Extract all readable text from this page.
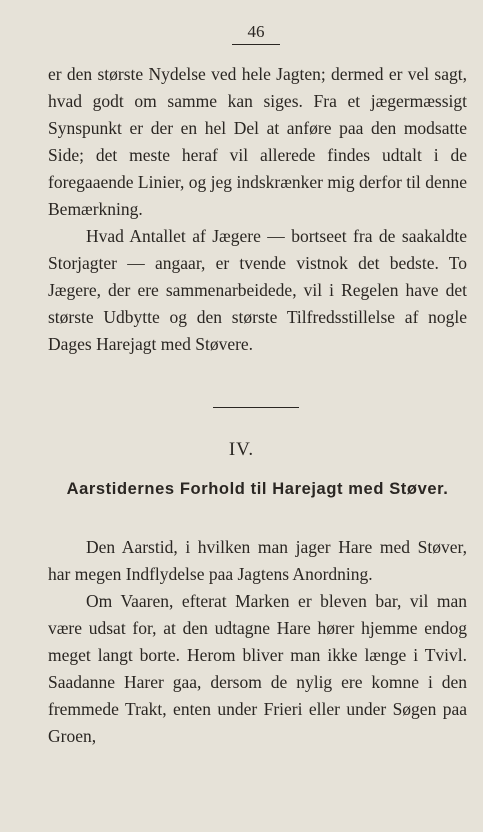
46

er den største Nydelse ved hele Jagten; dermed er vel sagt, hvad godt om samme kan siges. Fra et jægermæssigt Synspunkt er der en hel Del at anføre paa den modsatte Side; det meste heraf vil allerede findes udtalt i de foregaaende Linier, og jeg indskrænker mig derfor til denne Bemærkning.

Hvad Antallet af Jægere — bortseet fra de saakaldte Storjagter — angaar, er tvende vistnok det bedste. To Jægere, der ere sammenarbeidede, vil i Regelen have det største Udbytte og den største Tilfredsstillelse af nogle Dages Harejagt med Støvere.

IV.
Aarstidernes Forhold til Harejagt med Støver.

Den Aarstid, i hvilken man jager Hare med Støver, har megen Indflydelse paa Jagtens Anordning.

Om Vaaren, efterat Marken er bleven bar, vil man være udsat for, at den udtagne Hare hører hjemme endog meget langt borte. Herom bliver man ikke længe i Tvivl. Saadanne Harer gaa, dersom de nylig ere komne i den fremmede Trakt, enten under Frieri eller under Søgen paa Groen,
